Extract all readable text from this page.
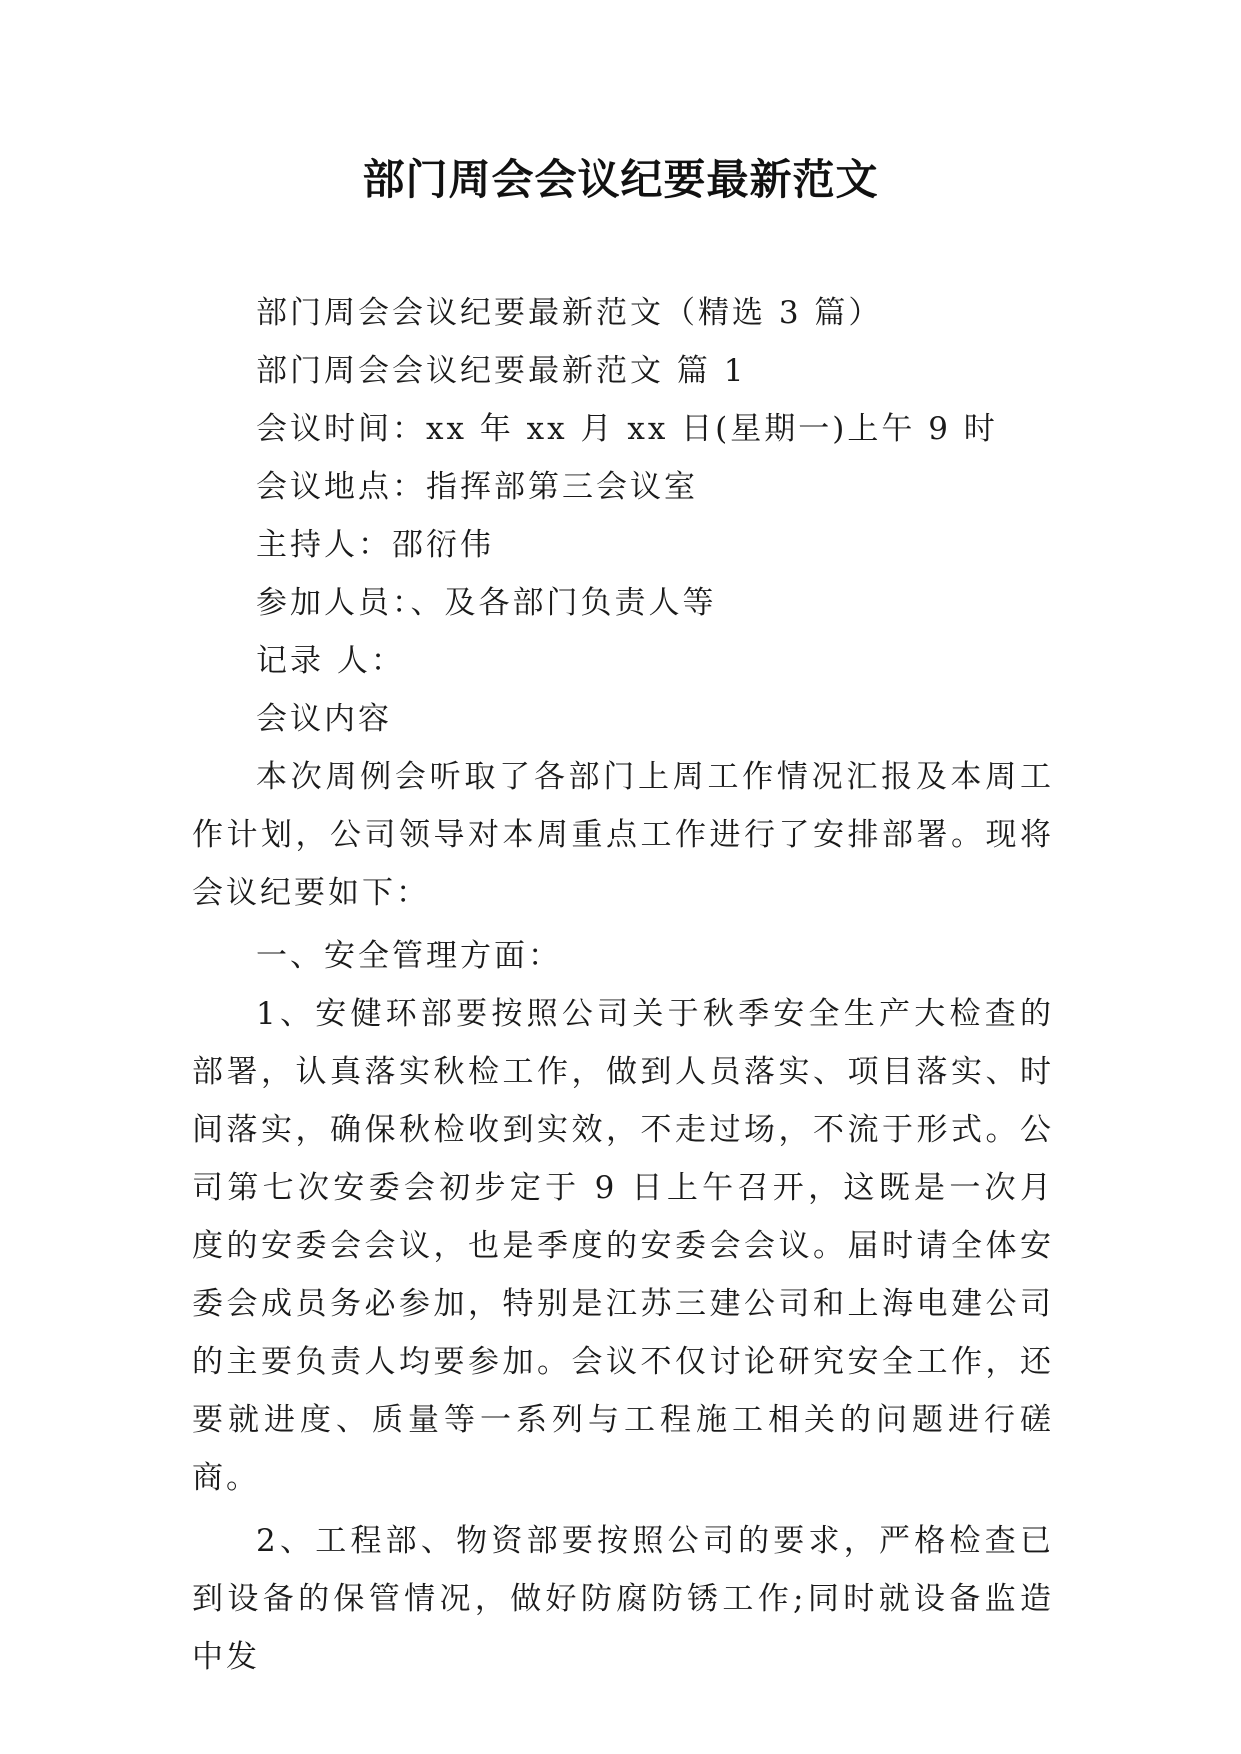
部门周会会议纪要最新范文

部门周会会议纪要最新范文（精选 3 篇）

部门周会会议纪要最新范文 篇 1

会议时间：xx 年 xx 月 xx 日(星期一)上午 9 时

会议地点：指挥部第三会议室

主持人：邵衍伟

参加人员：、及各部门负责人等

记录 人：

会议内容

本次周例会听取了各部门上周工作情况汇报及本周工作计划，公司领导对本周重点工作进行了安排部署。现将会议纪要如下：

一、安全管理方面：

1、安健环部要按照公司关于秋季安全生产大检查的部署，认真落实秋检工作，做到人员落实、项目落实、时间落实，确保秋检收到实效，不走过场，不流于形式。公司第七次安委会初步定于 9 日上午召开，这既是一次月度的安委会会议，也是季度的安委会会议。届时请全体安委会成员务必参加，特别是江苏三建公司和上海电建公司的主要负责人均要参加。会议不仅讨论研究安全工作，还要就进度、质量等一系列与工程施工相关的问题进行磋商。

2、工程部、物资部要按照公司的要求，严格检查已到设备的保管情况，做好防腐防锈工作;同时就设备监造中发
